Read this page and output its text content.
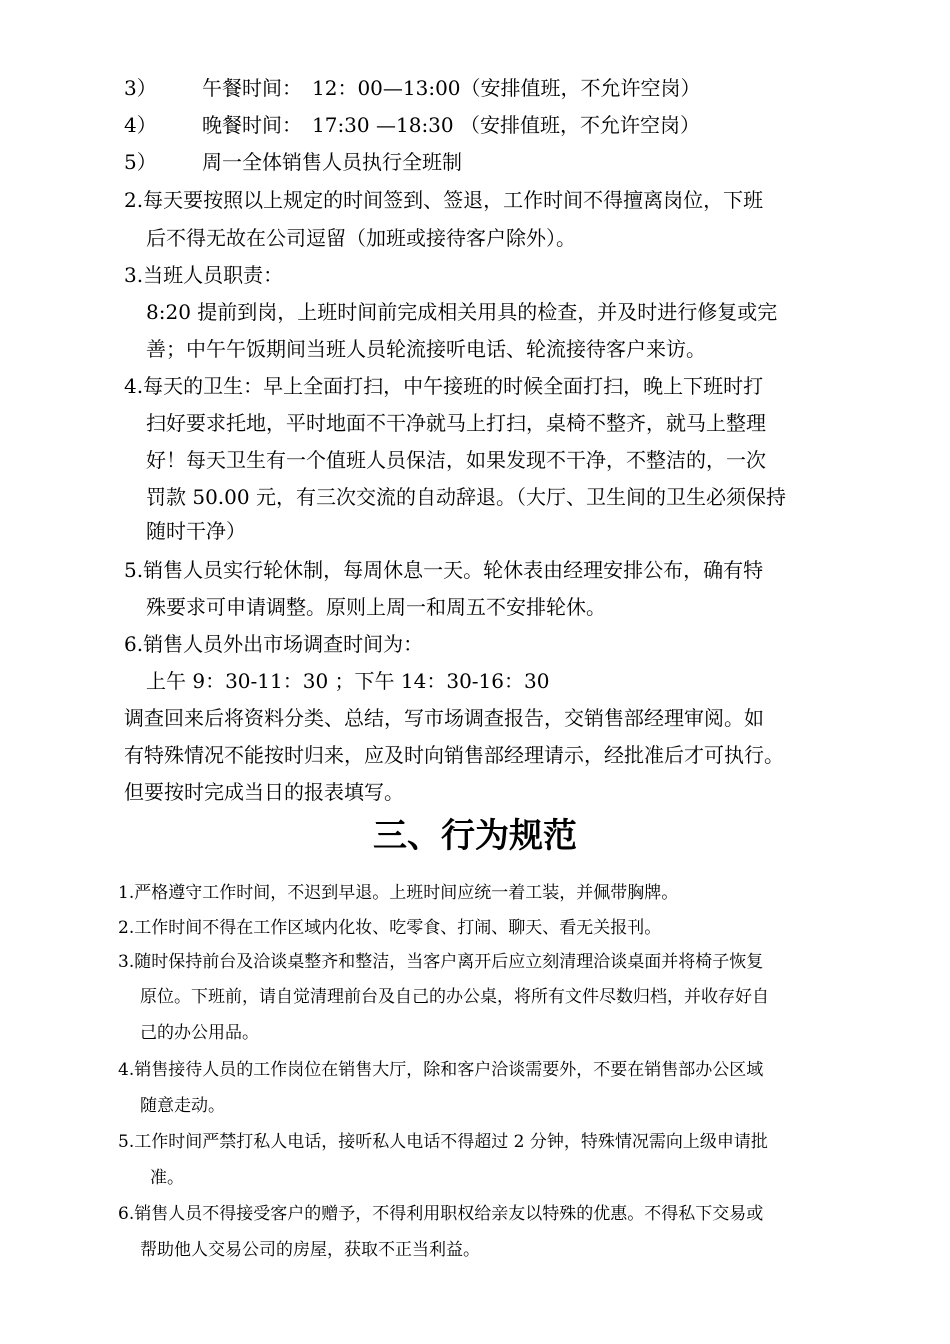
3） 午餐时间：　12：00—13:00（安排值班，不允许空岗）
4） 晚餐时间：　17:30 —18:30 （安排值班，不允许空岗）
5） 周一全体销售人员执行全班制
2.每天要按照以上规定的时间签到、签退，工作时间不得擅离岗位，下班
后不得无故在公司逗留（加班或接待客户除外）。
3.当班人员职责：
8:20 提前到岗，上班时间前完成相关用具的检查，并及时进行修复或完
善；中午午饭期间当班人员轮流接听电话、轮流接待客户来访。
4.每天的卫生：早上全面打扫，中午接班的时候全面打扫，晚上下班时打
扫好要求托地，平时地面不干净就马上打扫，桌椅不整齐，就马上整理
好！每天卫生有一个值班人员保洁，如果发现不干净，不整洁的，一次
罚款 50.00 元，有三次交流的自动辞退。（大厅、卫生间的卫生必须保持
随时干净）
5.销售人员实行轮休制，每周休息一天。轮休表由经理安排公布，确有特
殊要求可申请调整。原则上周一和周五不安排轮休。
6.销售人员外出市场调查时间为：
上午 9：30-11：30 ；下午 14：30-16：30
调查回来后将资料分类、总结，写市场调查报告，交销售部经理审阅。如
有特殊情况不能按时归来，应及时向销售部经理请示，经批准后才可执行。
但要按时完成当日的报表填写。
三、行为规范
1.严格遵守工作时间，不迟到早退。上班时间应统一着工装，并佩带胸牌。
2.工作时间不得在工作区域内化妆、吃零食、打闹、聊天、看无关报刊。
3.随时保持前台及洽谈桌整齐和整洁，当客户离开后应立刻清理洽谈桌面并将椅子恢复
原位。下班前，请自觉清理前台及自己的办公桌，将所有文件尽数归档，并收存好自
己的办公用品。
4.销售接待人员的工作岗位在销售大厅，除和客户洽谈需要外，不要在销售部办公区域
随意走动。
5.工作时间严禁打私人电话，接听私人电话不得超过 2 分钟，特殊情况需向上级申请批
准。
6.销售人员不得接受客户的赠予，不得利用职权给亲友以特殊的优惠。不得私下交易或
帮助他人交易公司的房屋，获取不正当利益。
